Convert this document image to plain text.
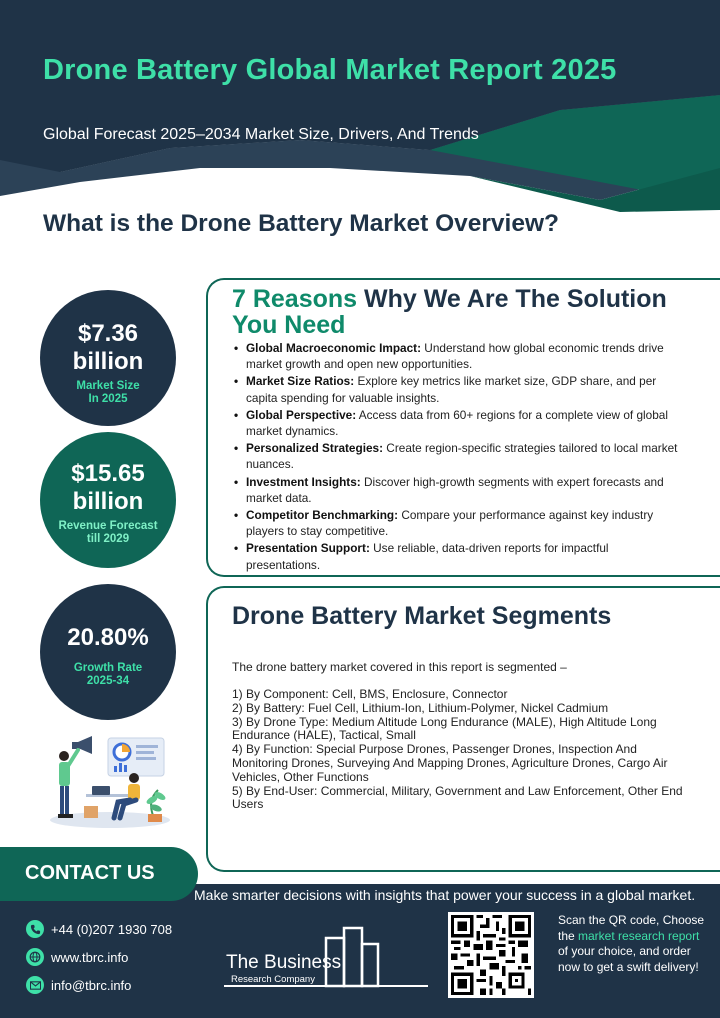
Drone Battery Global Market Report 2025
Global Forecast 2025–2034 Market Size, Drivers, And Trends
What is the Drone Battery Market Overview?
$7.36
billion
Market Size
In 2025
$15.65
billion
Revenue Forecast
till 2029
20.80%
Growth Rate
2025-34
7 Reasons Why We Are The Solution
You Need
• Global Macroeconomic Impact: Understand how global economic trends drive market growth and open new opportunities.
• Market Size Ratios: Explore key metrics like market size, GDP share, and per capita spending for valuable insights.
• Global Perspective: Access data from 60+ regions for a complete view of global market dynamics.
• Personalized Strategies: Create region-specific strategies tailored to local market nuances.
• Investment Insights: Discover high-growth segments with expert forecasts and market data.
• Competitor Benchmarking: Compare your performance against key industry players to stay competitive.
• Presentation Support: Use reliable, data-driven reports for impactful presentations.
Drone Battery Market Segments
The drone battery market covered in this report is segmented –
1) By Component: Cell, BMS, Enclosure, Connector
2) By Battery: Fuel Cell, Lithium-Ion, Lithium-Polymer, Nickel Cadmium
3) By Drone Type: Medium Altitude Long Endurance (MALE), High Altitude Long Endurance (HALE), Tactical, Small
4) By Function: Special Purpose Drones, Passenger Drones, Inspection And Monitoring Drones, Surveying And Mapping Drones, Agriculture Drones, Cargo Air Vehicles, Other Functions
5) By End-User: Commercial, Military, Government and Law Enforcement, Other End Users
CONTACT US
Make smarter decisions with insights that power your success in a global market.
+44 (0)207 1930 708
www.tbrc.info
info@tbrc.info
The Business
Research Company
Scan the QR code, Choose the market research report of your choice, and order now to get a swift delivery!
